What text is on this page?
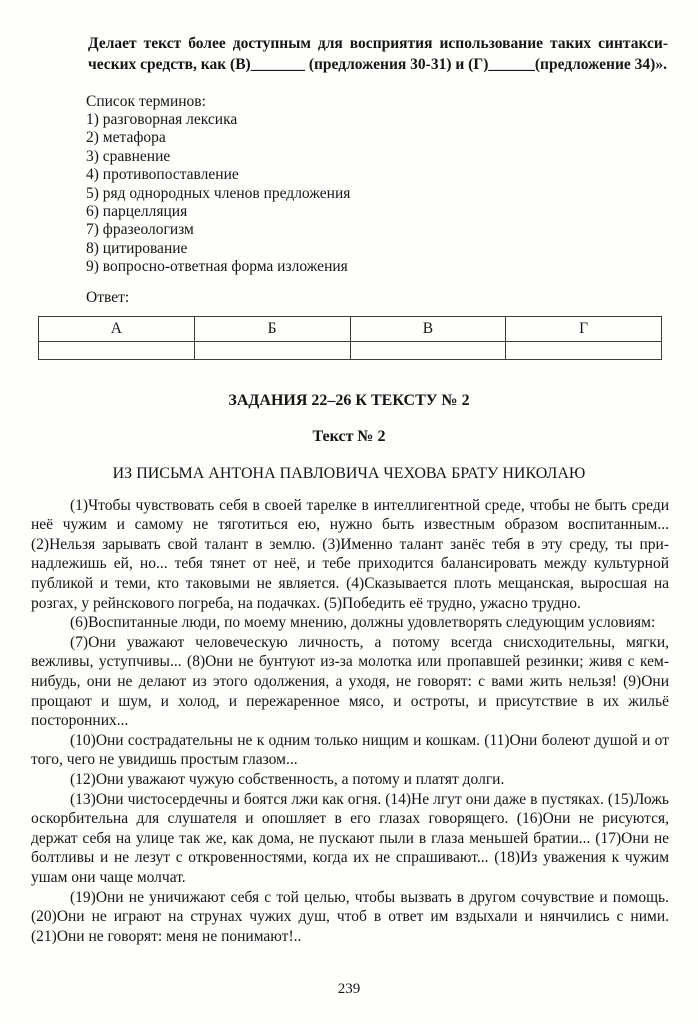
Делает текст более доступным для восприятия использование таких синтаксических средств, как (В)_______ (предложения 30-31) и (Г)______(предложение 34)».

Список терминов:

1) разговорная лексика

2) метафора

3) сравнение

4) противопоставление

5) ряд однородных членов предложения

6) парцелляция

7) фразеологизм

8) цитирование

9) вопросно-ответная форма изложения

Ответ:

А	Б	В	Г

ЗАДАНИЯ 22–26 К ТЕКСТУ № 2

Текст № 2

ИЗ ПИСЬМА АНТОНА ПАВЛОВИЧА ЧЕХОВА БРАТУ НИКОЛАЮ

(1)Чтобы чувствовать себя в своей тарелке в интеллигентной среде, чтобы не быть среди неё чужим и самому не тяготиться ею, нужно быть известным образом воспитанным... (2)Нельзя зарывать свой талант в землю. (3)Именно талант занёс тебя в эту среду, ты принадлежишь ей, но... тебя тянет от неё, и тебе приходится балансировать между культурной публикой и теми, кто таковыми не является. (4)Сказывается плоть мещанская, выросшая на розгах, у рейнскового погреба, на подачках. (5)Победить её трудно, ужасно трудно.

(6)Воспитанные люди, по моему мнению, должны удовлетворять следующим условиям:

(7)Они уважают человеческую личность, а потому всегда снисходительны, мягки, вежливы, уступчивы... (8)Они не бунтуют из-за молотка или пропавшей резинки; живя с кем-нибудь, они не делают из этого одолжения, а уходя, не говорят: с вами жить нельзя! (9)Они прощают и шум, и холод, и пережаренное мясо, и остроты, и присутствие в их жильё посторонних...

(10)Они сострадательны не к одним только нищим и кошкам. (11)Они болеют душой и от того, чего не увидишь простым глазом...

(12)Они уважают чужую собственность, а потому и платят долги.

(13)Они чистосердечны и боятся лжи как огня. (14)Не лгут они даже в пустяках. (15)Ложь оскорбительна для слушателя и опошляет в его глазах говорящего. (16)Они не рисуются, держат себя на улице так же, как дома, не пускают пыли в глаза меньшей братии... (17)Они не болтливы и не лезут с откровенностями, когда их не спрашивают... (18)Из уважения к чужим ушам они чаще молчат.

(19)Они не уничижают себя с той целью, чтобы вызвать в другом сочувствие и помощь. (20)Они не играют на струнах чужих душ, чтоб в ответ им вздыхали и нянчились с ними. (21)Они не говорят: меня не понимают!..

239
